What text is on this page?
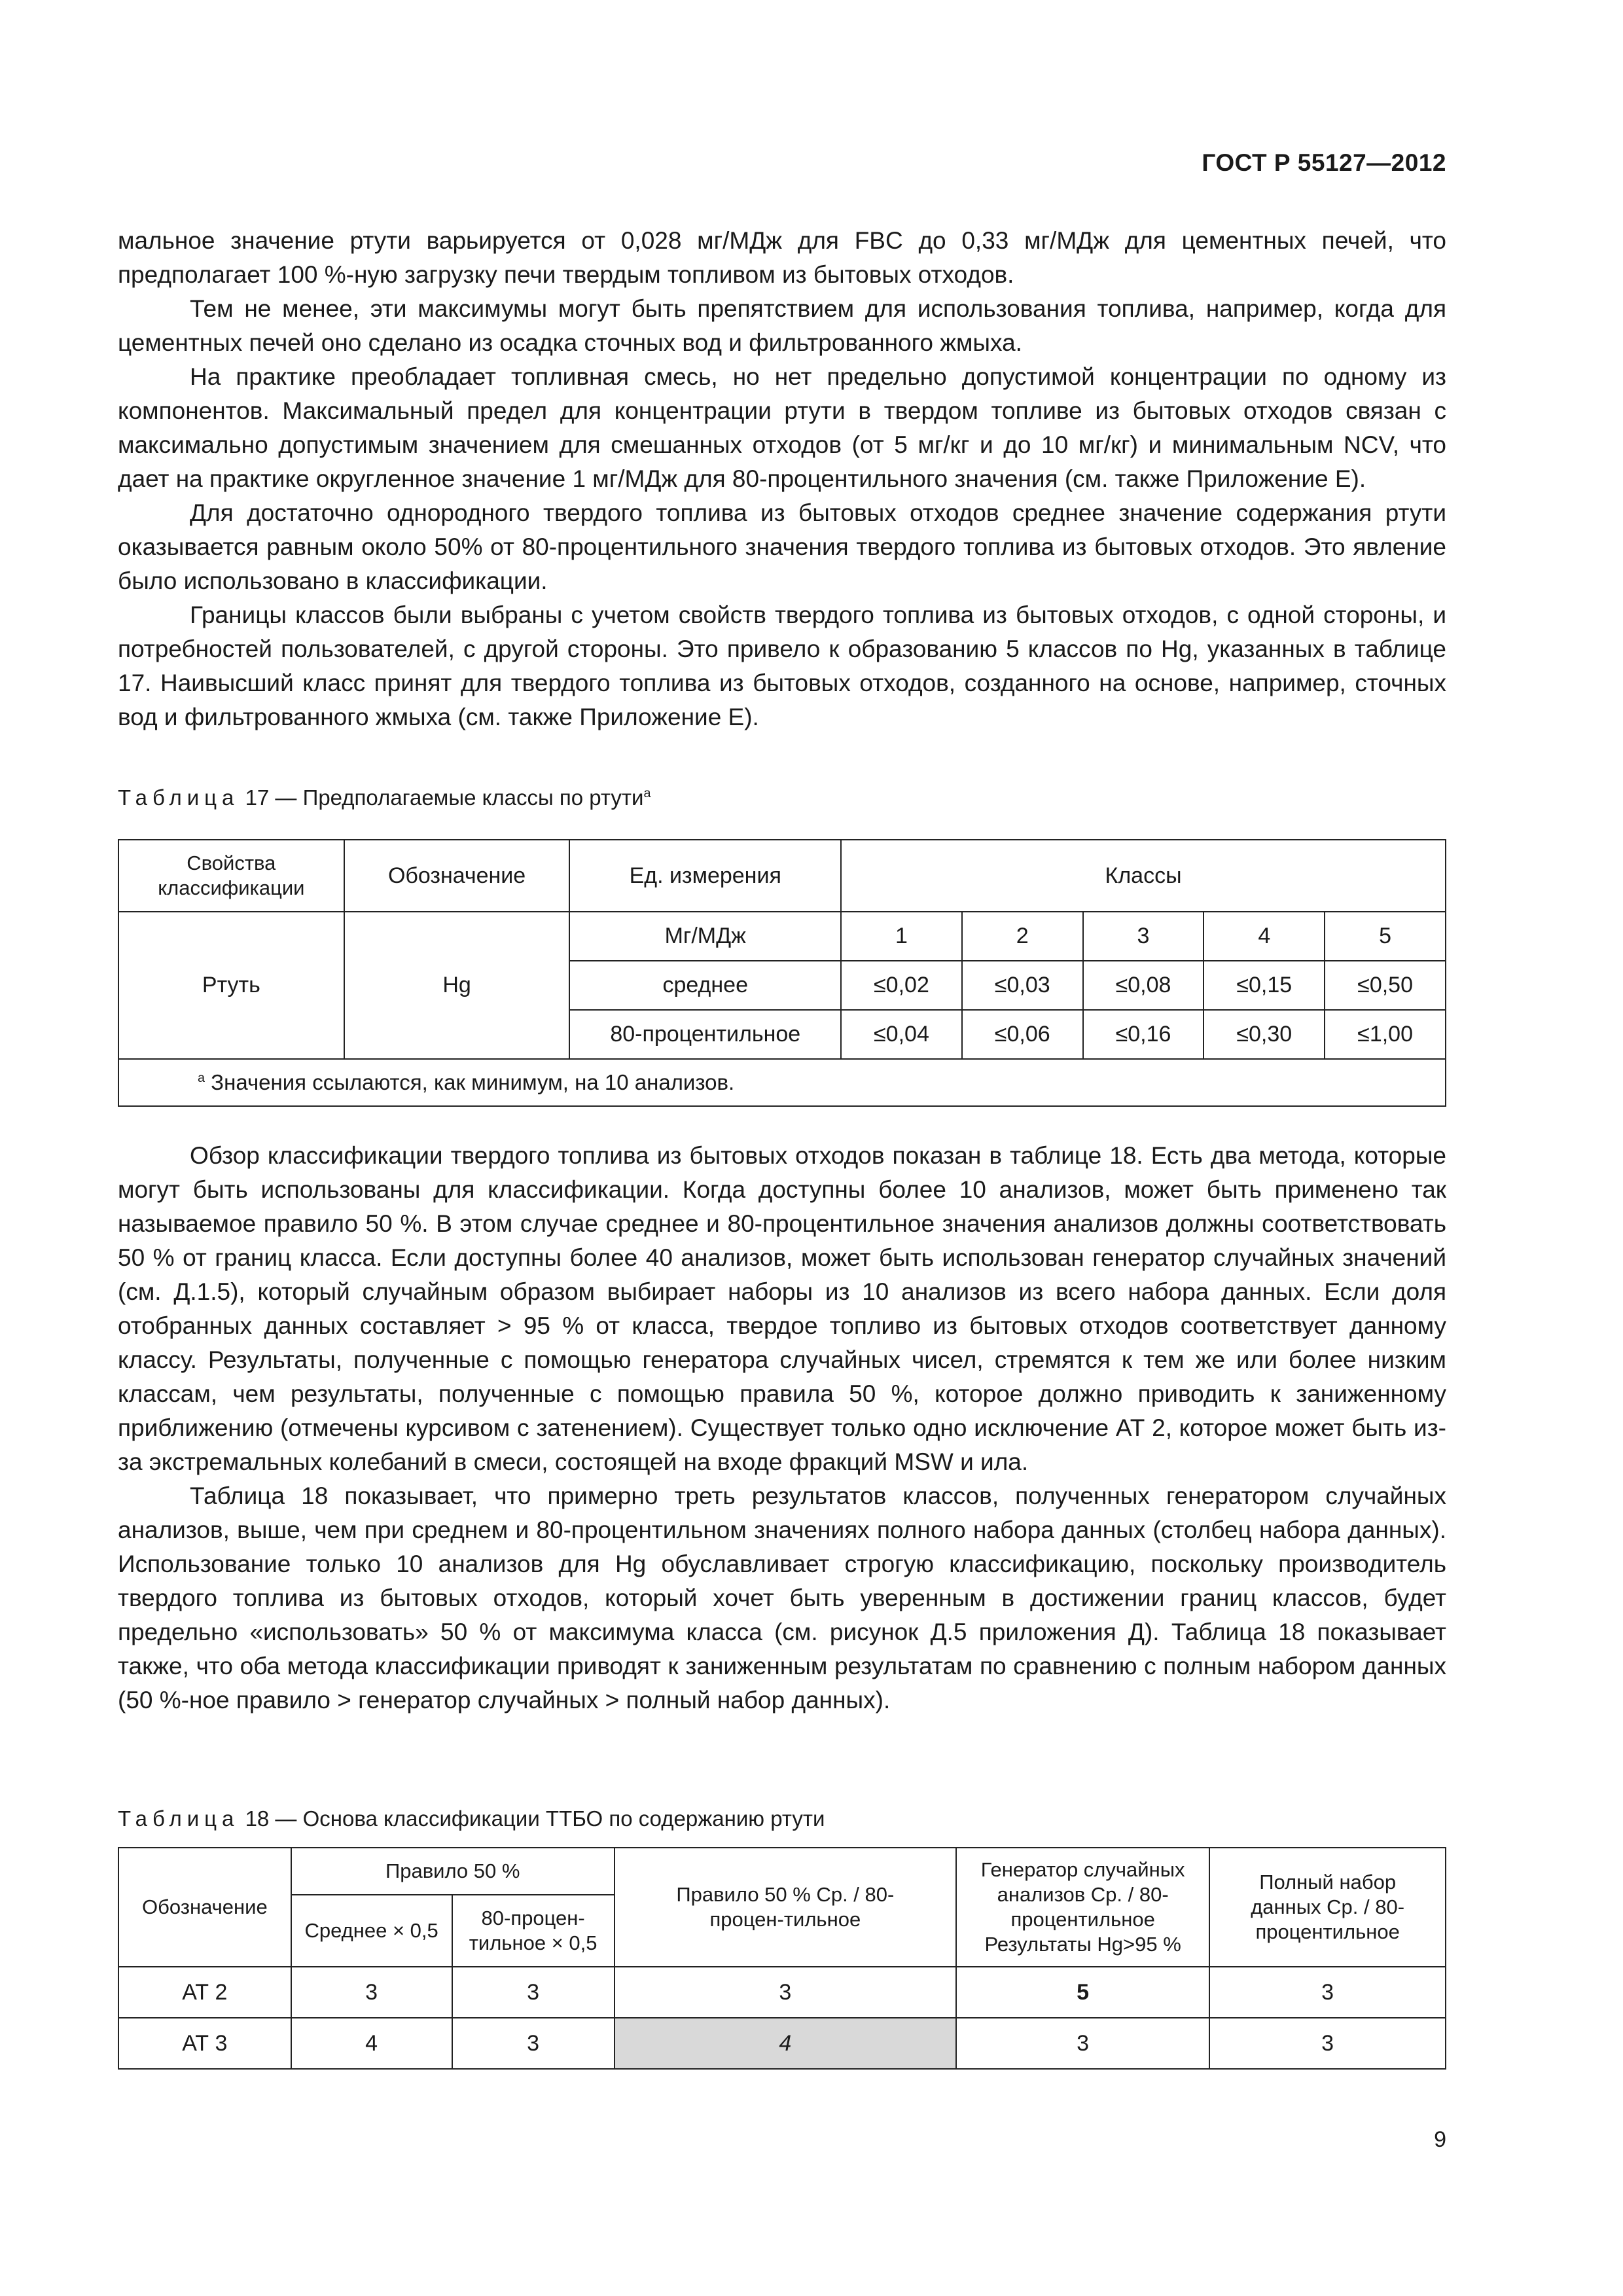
ГОСТ Р 55127—2012

мальное значение ртути варьируется от 0,028 мг/МДж для FBC до 0,33 мг/МДж для цементных печей, что предполагает 100 %-ную загрузку печи твердым топливом из бытовых отходов.

Тем не менее, эти максимумы могут быть препятствием для использования топлива, например, когда для цементных печей оно сделано из осадка сточных вод и фильтрованного жмыха.

На практике преобладает топливная смесь, но нет предельно допустимой концентрации по одному из компонентов. Максимальный предел для концентрации ртути в твердом топливе из бытовых отходов связан с максимально допустимым значением для смешанных отходов (от 5 мг/кг и до 10 мг/кг) и минимальным NCV, что дает на практике округленное значение 1 мг/МДж для 80-процентильного значения (см. также Приложение Е).

Для достаточно однородного твердого топлива из бытовых отходов среднее значение содержания ртути оказывается равным около 50% от 80-процентильного значения твердого топлива из бытовых отходов. Это явление было использовано в классификации.

Границы классов были выбраны с учетом свойств твердого топлива из бытовых отходов, с одной стороны, и потребностей пользователей, с другой стороны. Это привело к образованию 5 классов по Hg, указанных в таблице 17. Наивысший класс принят для твердого топлива из бытовых отходов, созданного на основе, например, сточных вод и фильтрованного жмыха (см. также Приложение Е).

Таблица 17 — Предполагаемые классы по ртути$^a$
Свойства классификации	Обозначение	Ед. измерения	Классы				
Ртуть	Hg	Мг/МДж	1	2	3	4	5
		среднее	≤0,02	≤0,03	≤0,08	≤0,15	≤0,50
		80-процентильное	≤0,04	≤0,06	≤0,16	≤0,30	≤1,00
$^a$ Значения ссылаются, как минимум, на 10 анализов.							

Обзор классификации твердого топлива из бытовых отходов показан в таблице 18. Есть два метода, которые могут быть использованы для классификации. Когда доступны более 10 анализов, может быть применено так называемое правило 50 %. В этом случае среднее и 80-процентильное значения анализов должны соответствовать 50 % от границ класса. Если доступны более 40 анализов, может быть использован генератор случайных значений (см. Д.1.5), который случайным образом выбирает наборы из 10 анализов из всего набора данных. Если доля отобранных данных составляет > 95 % от класса, твердое топливо из бытовых отходов соответствует данному классу. Результаты, полученные с помощью генератора случайных чисел, стремятся к тем же или более низким классам, чем результаты, полученные с помощью правила 50 %, которое должно приводить к заниженному приближению (отмечены курсивом с затенением). Существует только одно исключение АТ 2, которое может быть из-за экстремальных колебаний в смеси, состоящей на входе фракций MSW и ила.

Таблица 18 показывает, что примерно треть результатов классов, полученных генератором случайных анализов, выше, чем при среднем и 80-процентильном значениях полного набора данных (столбец набора данных). Использование только 10 анализов для Hg обуславливает строгую классификацию, поскольку производитель твердого топлива из бытовых отходов, который хочет быть уверенным в достижении границ классов, будет предельно «использовать» 50 % от максимума класса (см. рисунок Д.5 приложения Д). Таблица 18 показывает также, что оба метода классификации приводят к заниженным результатам по сравнению с полным набором данных (50 %-ное правило > генератор случайных > полный набор данных).

Таблица 18 — Основа классификации ТТБО по содержанию ртути
Обозначение	Правило 50 %		Правило 50 % Ср. / 80-процен-тильное	Генератор случайных анализов Ср. / 80-процентильное Результаты Hg>95 %	Полный набор данных Ср. / 80-процентильное
	Среднее × 0,5	80-процен-тильное × 0,5			
АТ 2	3	3	3	5	3
АТ 3	4	3	4	3	3
9
